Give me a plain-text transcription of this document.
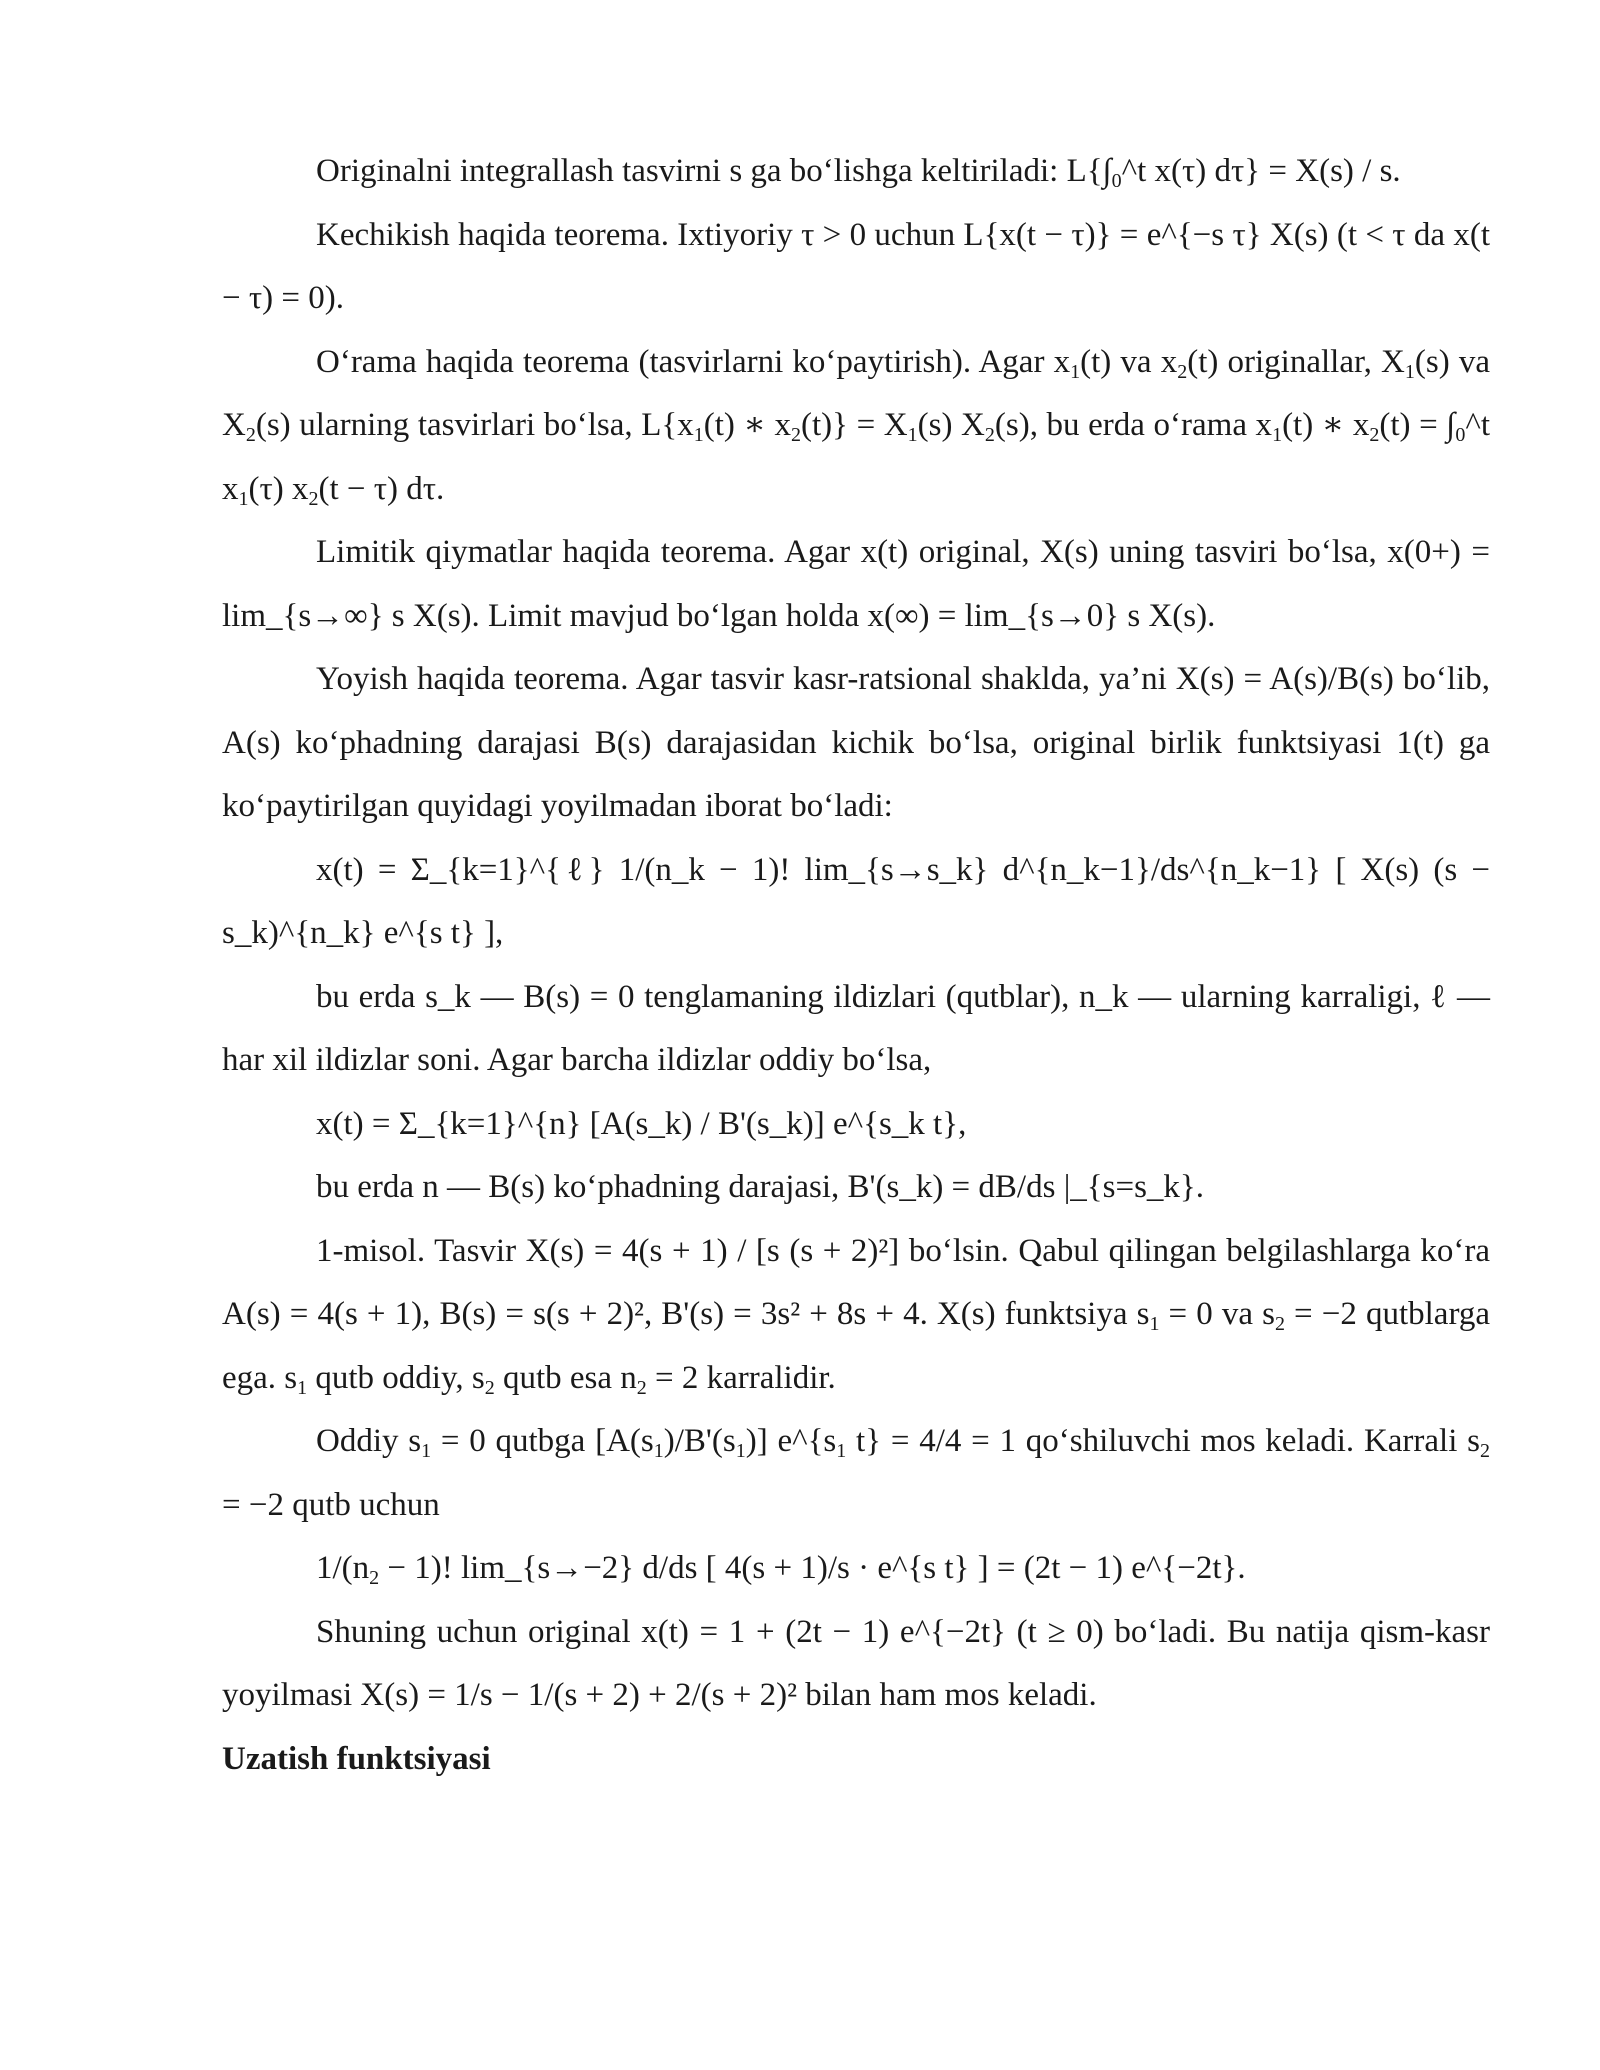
Originalni integrallash tasvirni s ga bo‘lishga keltiriladi: $L\{\int_0\^{}t$ x(τ) dτ} = X(s) / s.

Kechikish haqida teorema. Ixtiyoriy τ > 0 uchun L{x(t − τ)} = e^{−s τ} X(s) (t < τ da x(t − τ) = 0).

O‘rama haqida teorema (tasvirlarni ko‘paytirish). Agar $x_1(t)$ va $x_2(t)$ originallar, $X_1(s)$ va $X_2(s)$ ularning tasvirlari bo‘lsa, $L\{x_1(t)$ ∗ $x_2(t)\} = X_1(s)$ $X_2(s)$, bu erda o‘rama $x_1(t)$ ∗ $x_2(t)$ = $\int_0\^{}t$ $x_1(\tau) x_2(t - \tau)$ dτ.

Limitik qiymatlar haqida teorema. Agar x(t) original, X(s) uning tasviri bo‘lsa, x(0+) = lim_{s→∞} s X(s). Limit mavjud bo‘lgan holda x(∞) = lim_{s→0} s X(s).

Yoyish haqida teorema. Agar tasvir kasr-ratsional shaklda, ya’ni X(s) = A(s)/B(s) bo‘lib, A(s) ko‘phadning darajasi B(s) darajasidan kichik bo‘lsa, original birlik funktsiyasi 1(t) ga ko‘paytirilgan quyidagi yoyilmadan iborat bo‘ladi:

x(t) = Σ_{k=1}^{ℓ} 1/(n_k − 1)! lim_{s→s_k} d^{n_k−1}/ds^{n_k−1} [ X(s) (s − s_k)^{n_k} e^{s t} ],

bu erda s_k — B(s) = 0 tenglamaning ildizlari (qutblar), n_k — ularning karraligi, ℓ — har xil ildizlar soni. Agar barcha ildizlar oddiy bo‘lsa,

x(t) = Σ_{k=1}^{n} [A(s_k) / B'(s_k)] e^{s_k t},

bu erda n — B(s) ko‘phadning darajasi, B'(s_k) = dB/ds |_{s=s_k}.

1-misol. Tasvir X(s) = 4(s + 1) / [s (s + 2)²] bo‘lsin. Qabul qilingan belgilashlarga ko‘ra A(s) = 4(s + 1), B(s) = s(s + 2)², B'(s) = 3s² + 8s + 4. X(s) funktsiya $s_1 = 0$ va $s_2 = -2$ qutblarga ega. $s_1$ qutb oddiy, $s_2$ qutb esa $n_2 = 2$ karralidir.

Oddiy $s_1 = 0$ qutbga $[A(s_1)/B'(s_1)]$ $e\^{}\{s_1$ t} = 4/4 = 1 qo‘shiluvchi mos keladi. Karrali $s_2 = -2$ qutb uchun

$1/(n_2 - 1)$! lim_{s→−2} d/ds [ 4(s + 1)/s · e^{s t} ] = (2t − 1) e^{−2t}.

Shuning uchun original x(t) = 1 + (2t − 1) e^{−2t} (t ≥ 0) bo‘ladi. Bu natija qism-kasr yoyilmasi X(s) = 1/s − 1/(s + 2) + 2/(s + 2)² bilan ham mos keladi.

Uzatish funktsiyasi
